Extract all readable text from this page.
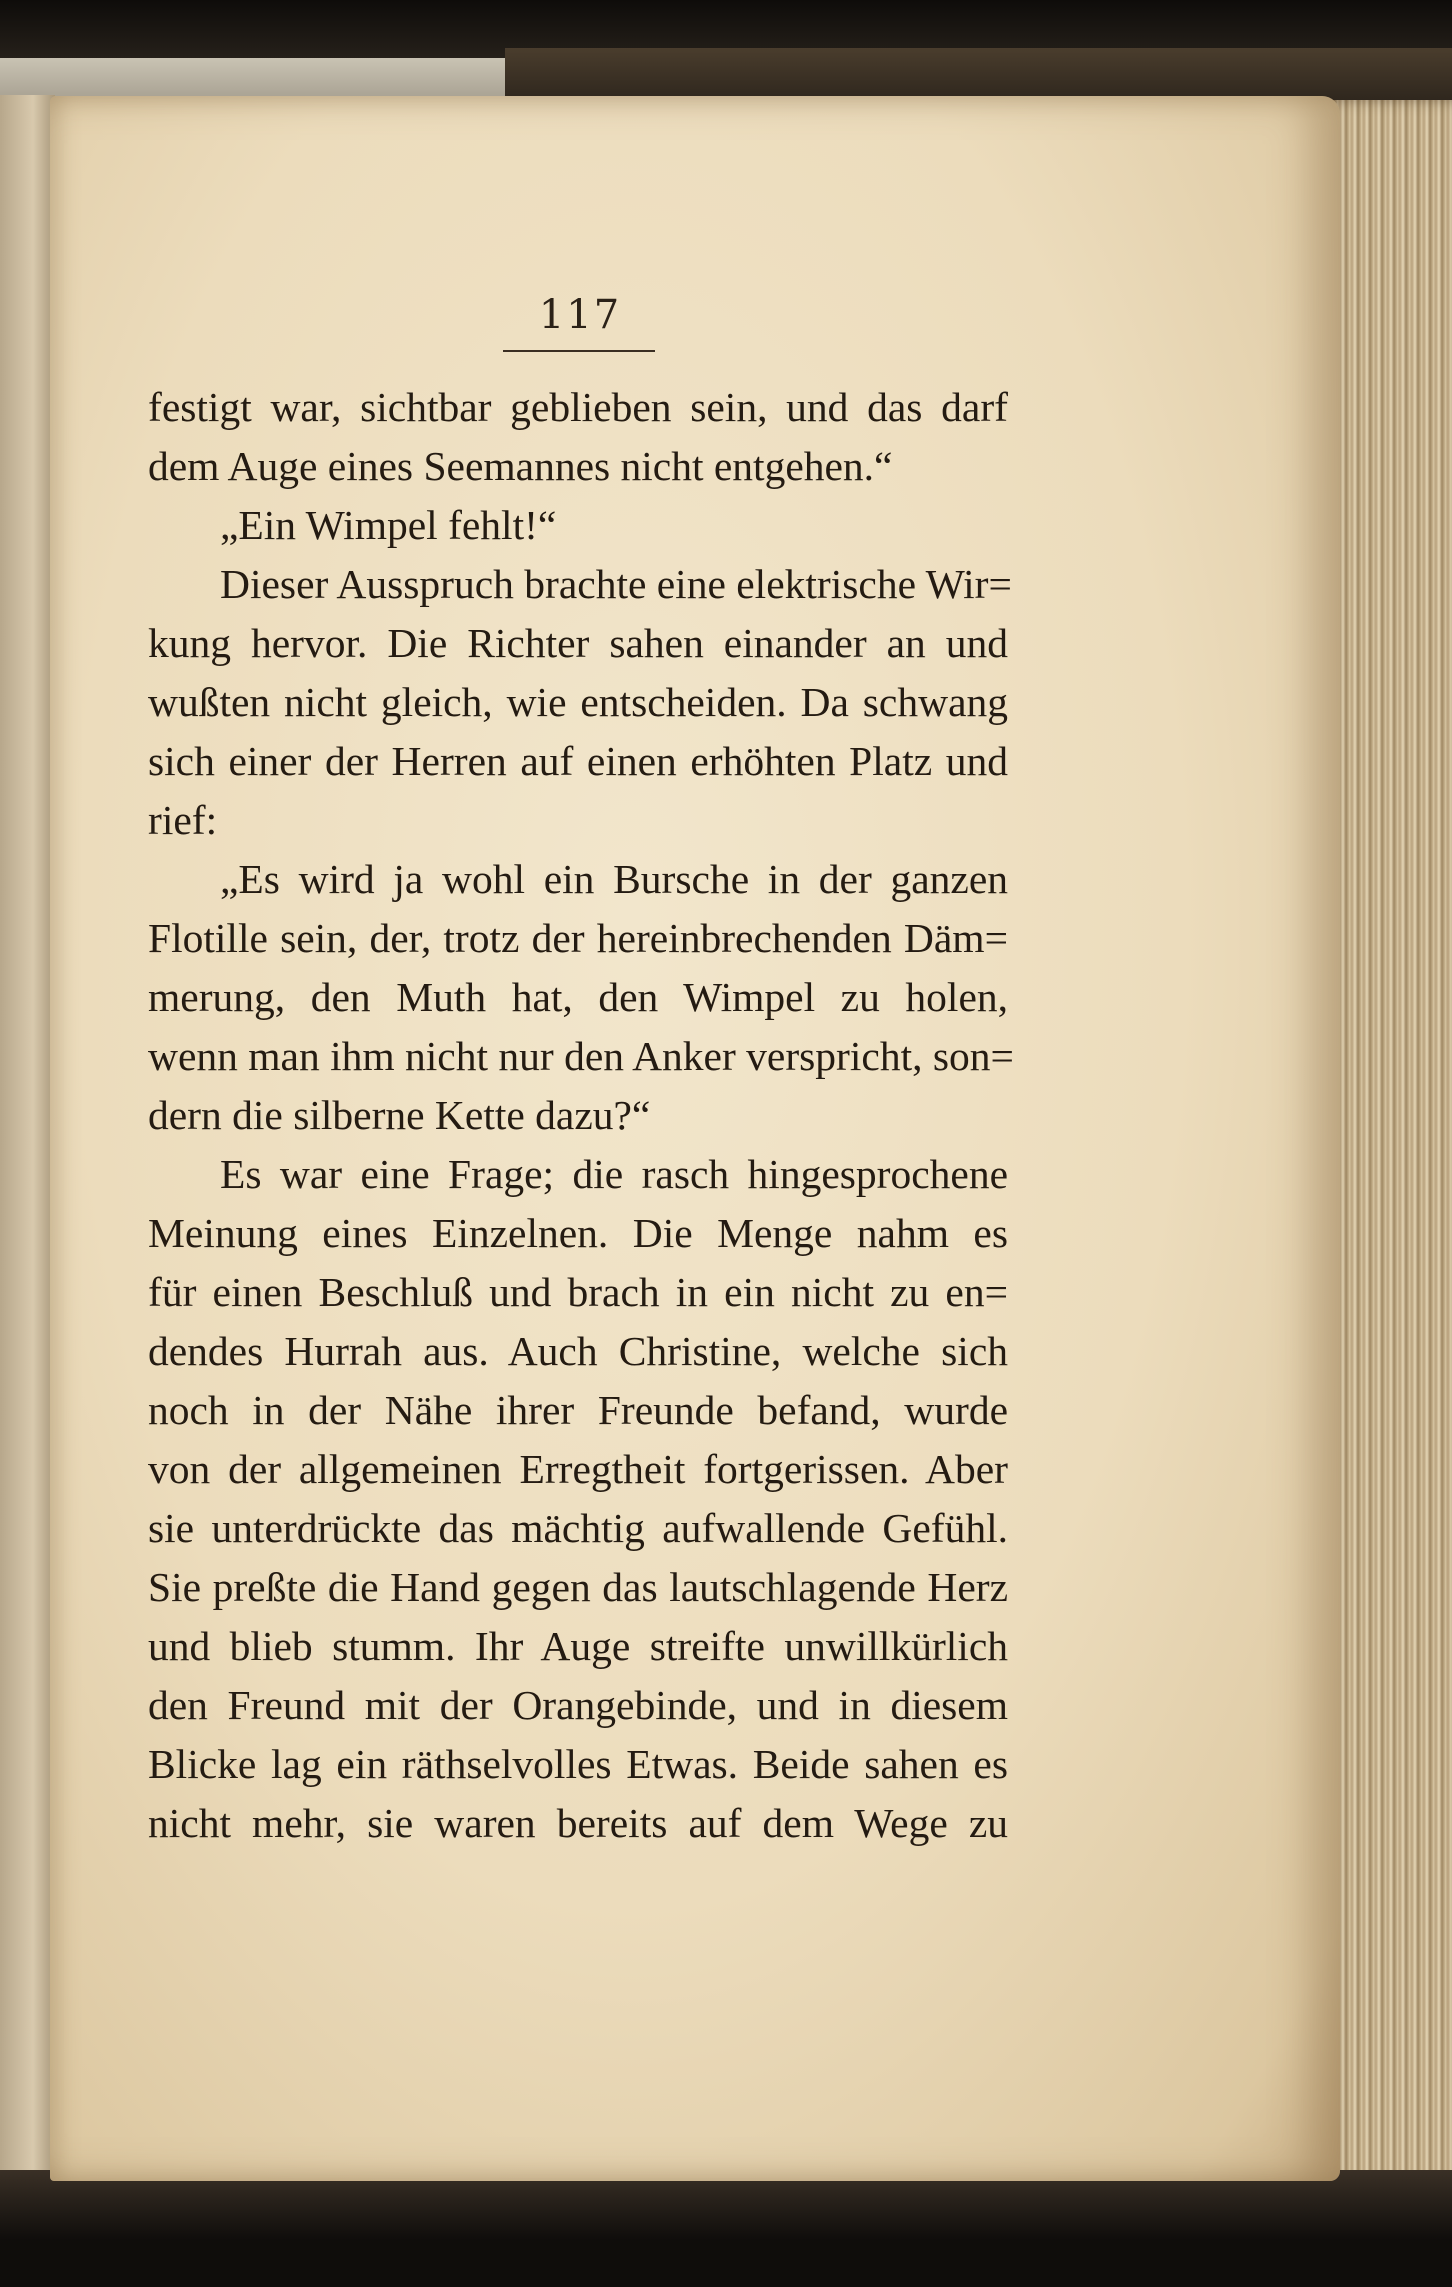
117
festigt war, sichtbar geblieben sein, und das darf
dem Auge eines Seemannes nicht entgehen.“
„Ein Wimpel fehlt!“
Dieser Ausspruch brachte eine elektrische Wir=
kung hervor. Die Richter sahen einander an und
wußten nicht gleich, wie entscheiden. Da schwang
sich einer der Herren auf einen erhöhten Platz und
rief:
„Es wird ja wohl ein Bursche in der ganzen
Flotille sein, der, trotz der hereinbrechenden Däm=
merung, den Muth hat, den Wimpel zu holen,
wenn man ihm nicht nur den Anker verspricht, son=
dern die silberne Kette dazu?“
Es war eine Frage; die rasch hingesprochene
Meinung eines Einzelnen. Die Menge nahm es
für einen Beschluß und brach in ein nicht zu en=
dendes Hurrah aus. Auch Christine, welche sich
noch in der Nähe ihrer Freunde befand, wurde
von der allgemeinen Erregtheit fortgerissen. Aber
sie unterdrückte das mächtig aufwallende Gefühl.
Sie preßte die Hand gegen das lautschlagende Herz
und blieb stumm. Ihr Auge streifte unwillkürlich
den Freund mit der Orangebinde, und in diesem
Blicke lag ein räthselvolles Etwas. Beide sahen es
nicht mehr, sie waren bereits auf dem Wege zu
